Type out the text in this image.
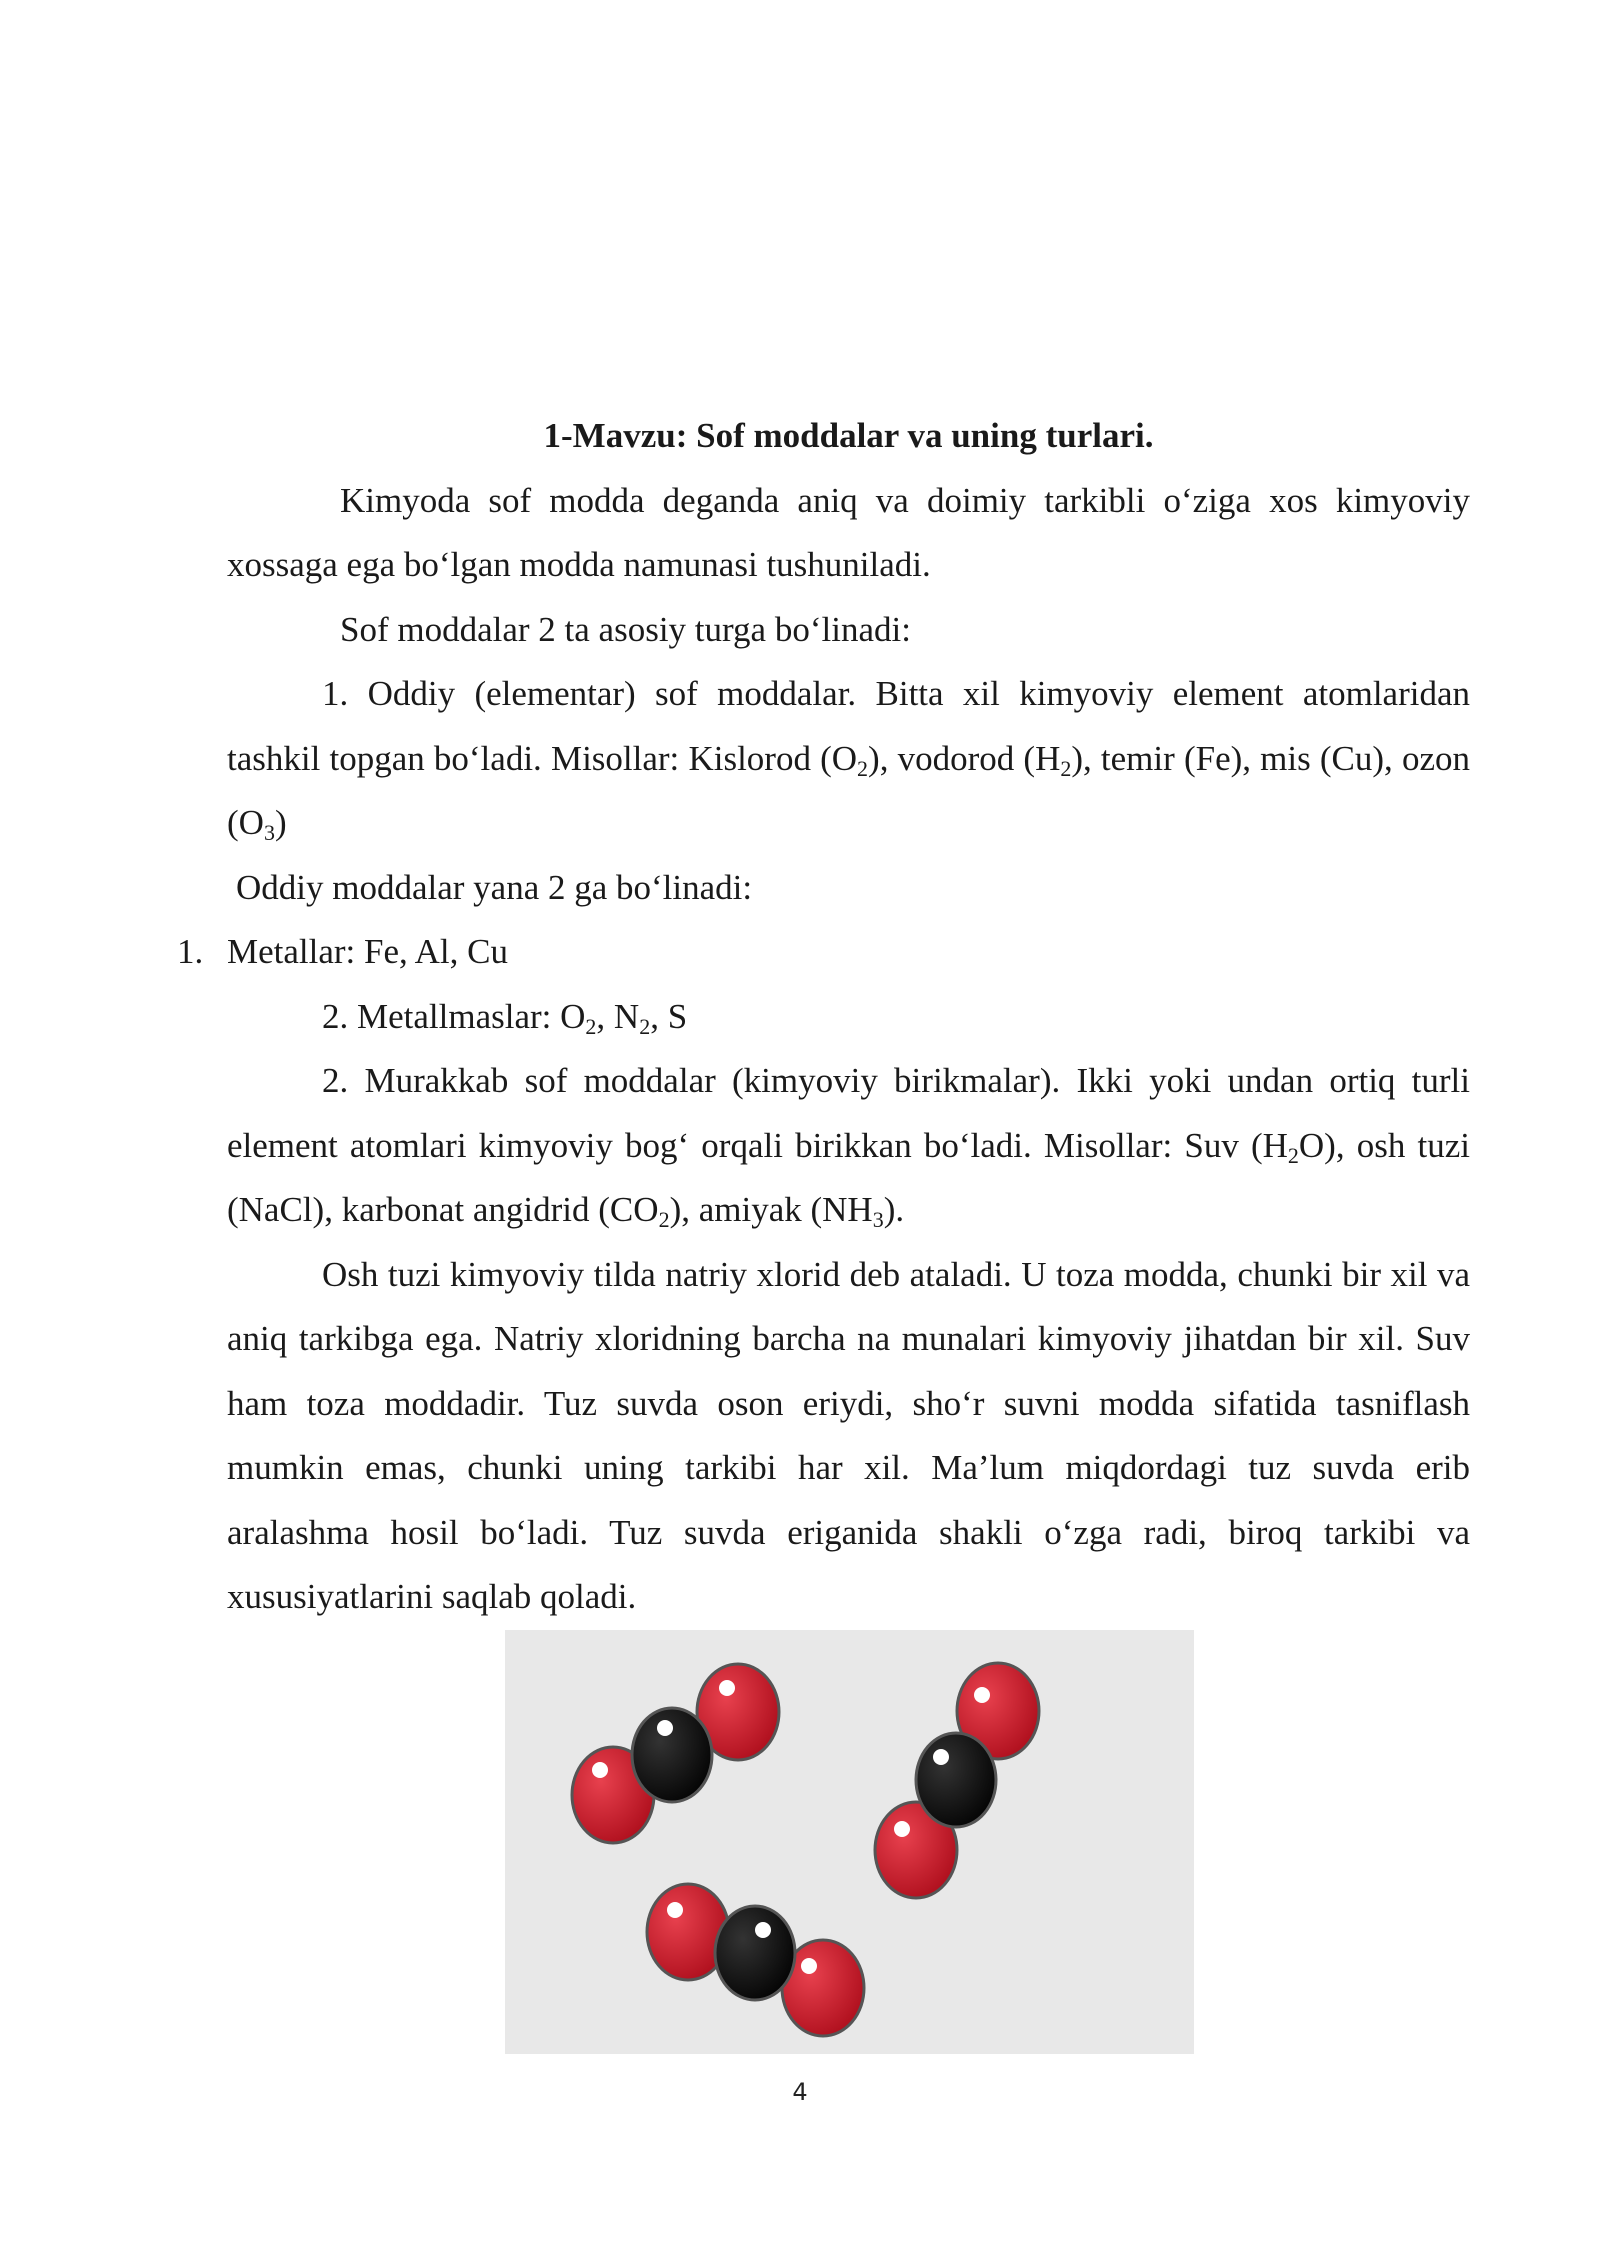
1-Mavzu: Sof moddalar va uning turlari.

Kimyoda sof modda deganda aniq va doimiy tarkibli o‘ziga xos kimyoviy xossaga ega bo‘lgan modda namunasi tushuniladi.

Sof moddalar 2 ta asosiy turga bo‘linadi:

1. Oddiy (elementar) sof moddalar. Bitta xil kimyoviy element atomlaridan tashkil topgan bo‘ladi. Misollar: Kislorod $(O_2)$, vodorod $(H_2)$, temir (Fe), mis (Cu), ozon $(O_3)$

Oddiy moddalar yana 2 ga bo‘linadi:

1. Metallar: Fe, Al, Cu

2. Metallmaslar: $O_2$, $N_2$, S

2. Murakkab sof moddalar (kimyoviy birikmalar). Ikki yoki undan ortiq turli element atomlari kimyoviy bog‘ orqali birikkan bo‘ladi. Misollar: Suv $(H_2O)$, osh tuzi (NaCl), karbonat angidrid $(CO_2)$, amiyak $(NH_3)$.

Osh tuzi kimyoviy tilda natriy xlorid deb ataladi. U toza modda, chunki bir xil va aniq tarkibga ega. Natriy xloridning barcha na munalari kimyoviy jihatdan bir xil. Suv ham toza moddadir. Tuz suvda oson eriydi, sho‘r suvni modda sifatida tasniflash mumkin emas, chunki uning tarkibi har xil. Ma’lum miqdordagi tuz suvda erib aralashma hosil bo‘ladi. Tuz suvda eriganida shakli o‘zga radi, biroq tarkibi va xususiyatlarini saqlab qoladi.

4
